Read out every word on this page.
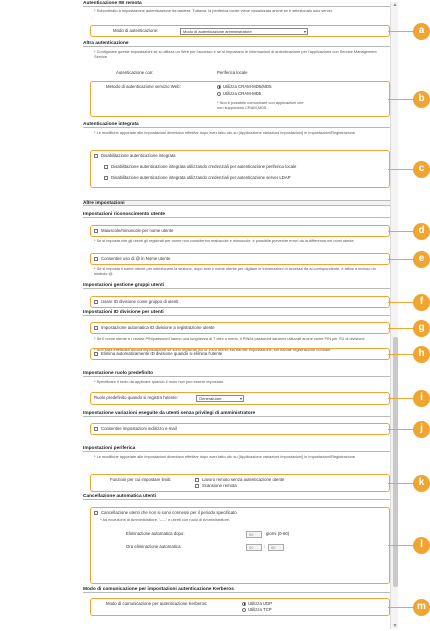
Autenticazione IW remota
* Subordinato a impostazione autenticazione da tastiera. Tuttavia, la periferica locale viene visualizzata anche se è selezionato solo server.
Modo di autenticazione:	Modo di autenticazione amministratore	▾
Altra autenticazione
* Configurare queste impostazioni se si utilizza un Web per l'accesso e se si impostano le informazioni di autenticazione per l'applicazione con Service Management Service.
Autenticazione con:	Periferica locale
Metodo di autenticazione servizio Web:	Utilizza CRAM-MD5/MD5
Utilizza CRAM-MD5
* Non è possibile comunicare con applicazioni che non supportano CRAM-MD5.
Autenticazione integrata
* Le modifiche apportate alle impostazioni diventano effettive dopo aver fatto clic su [Applicazione variazioni impostazioni] in Impostazioni/Registrazione.
Disabilitazione autenticazione integrata
Disabilitazione autenticazione integrata utilizzando credenziali per autenticazione periferica locale
Disabilitazione autenticazione integrata utilizzando credenziali per autenticazione server LDAP
Altre impostazioni
Impostazioni riconoscimento utente
Maiuscole/minuscole per nome utente
* Se si imposta che gli utenti gli registrati per nome non considerino maiuscole e minuscole, è possibile prevenire errori da la differenza nei nomi utente.
Consentire uso di @ in Nome utente
* Se si imposta il nome utente per selezionare la sezione, dopo aver il nome utente per digitare le informazioni di accesso da al corrispondente, è attivo a incluso un simbolo @.
Impostazioni gestione gruppi utenti
Usare ID divisione come gruppo di utenti
Impostazioni ID divisione per utenti
Impostazione automatica ID divisione a registrazione utente
* Se il nome utente e i relativi PIN/password hanno una lunghezza di 7 cifre o meno, il PIN/la password saranno utilizzati anche come PIN per l'ID di divisione.
* Non sarà effettuata alcuna impostazione se sono registrati più di 1000 utenti; sia tramite impostazione, sia tramite registrazione normale.
Elimina automaticamente ID divisione quando si elimina l'utente
Impostazione ruolo predefinito
* Specificare il ruolo da applicare quando il ruolo non può essere impostato.
Ruolo predefinito quando si registra l'utente:	GeneralUser	▾
Impostazione variazioni eseguite da utenti senza privilegi di amministratore
Consentire impostazioni indirizzo e-mail
Impostazioni periferica
* Le modifiche apportate alle impostazioni diventano effettive dopo aver fatto clic su [Applicazione variazioni impostazioni] in Impostazioni/Registrazione.
Funzioni per cui impostare limiti:	Lavoro remoto senza autenticazione utente
Scansione remota
Cancellazione automatica utenti
Cancellazione utenti che non si sono connessi per il periodo specificato
* Ad eccezione di Amministratore, '-----' e utenti con ruolo di Amministratore.
Eliminazione automatica dopo:	90	giorni (0-60)
Ora eliminazione automatica:	00	:	00
Modo di comunicazione per impostazioni autenticazione Kerberos
Modo di comunicazione per autenticazione Kerberos:	Utilizza UDP
Utilizza TCP
▲
▼
a
b
c
d
e
f
g
h
i
j
k
l
m
